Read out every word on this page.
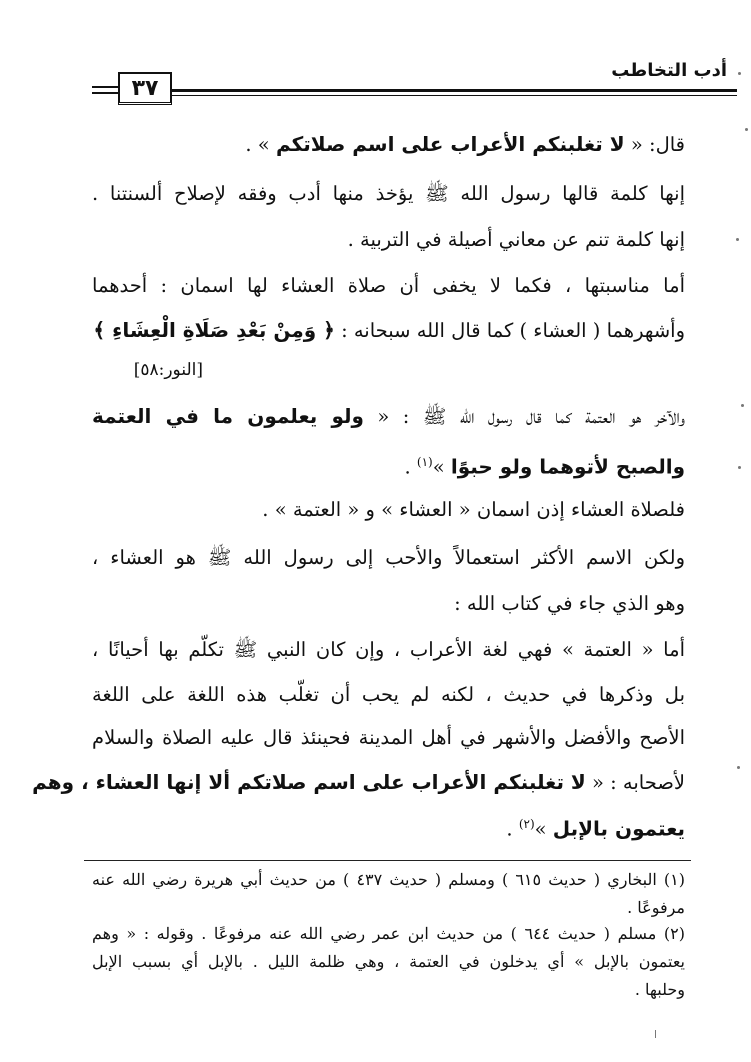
أدب التخاطب
٣٧
قال: « لا تغلبنكم الأعراب على اسم صلاتكم » .
إنها كلمة قالها رسول الله ﷺ يؤخذ منها أدب وفقه لإصلاح ألسنتنا .
إنها كلمة تنم عن معاني أصيلة في التربية .
أما مناسبتها ، فكما لا يخفى أن صلاة العشاء لها اسمان : أحدهما
وأشهرهما ( العشاء ) كما قال الله سبحانه : ﴿ وَمِنْ بَعْدِ صَلَاةِ الْعِشَاءِ ﴾
[النور:٥٨]
والآخر هو العتمة كما قال رسول الله ﷺ : « ولو يعلمون ما في العتمة
والصبح لأتوهما ولو حبوًا »$^{(١)}$ .
فلصلاة العشاء إذن اسمان « العشاء » و « العتمة » .
ولكن الاسم الأكثر استعمالاً والأحب إلى رسول الله ﷺ هو العشاء ،
وهو الذي جاء في كتاب الله :
أما « العتمة » فهي لغة الأعراب ، وإن كان النبي ﷺ تكلّم بها أحيانًا ،
بل وذكرها في حديث ، لكنه لم يحب أن تغلّب هذه اللغة على اللغة
الأصح والأفضل والأشهر في أهل المدينة فحينئذ قال عليه الصلاة والسلام
لأصحابه : « لا تغلبنكم الأعراب على اسم صلاتكم ألا إنها العشاء ، وهم
يعتمون بالإبل »$^{(٢)}$ .
(١) البخاري ( حديث ٦١٥ ) ومسلم ( حديث ٤٣٧ ) من حديث أبي هريرة رضي الله عنه
مرفوعًا .
(٢) مسلم ( حديث ٦٤٤ ) من حديث ابن عمر رضي الله عنه مرفوعًا . وقوله : « وهم
يعتمون بالإبل » أي يدخلون في العتمة ، وهي ظلمة الليل . بالإبل أي بسبب الإبل
وحلبها .
